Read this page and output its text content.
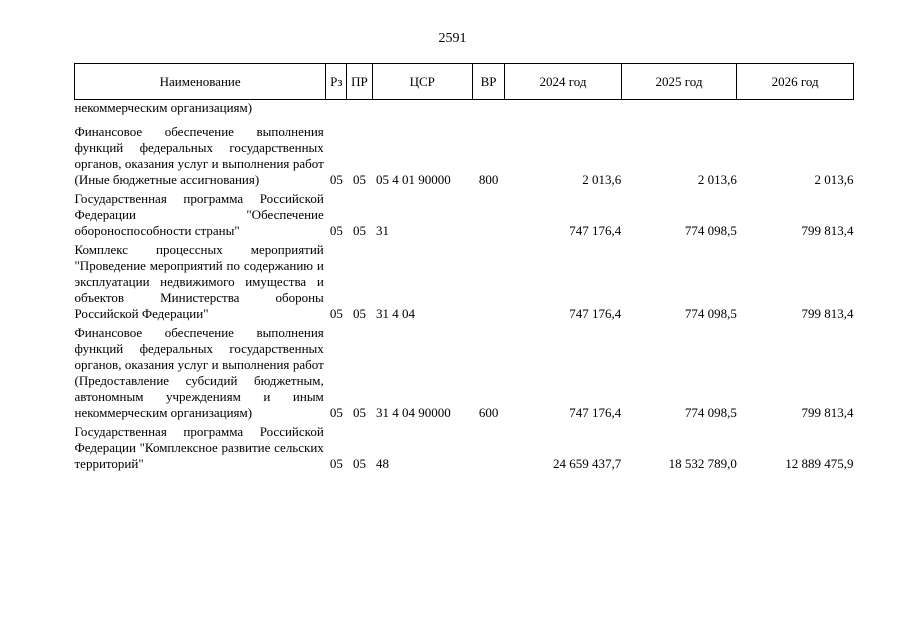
2591
Наименование	Рз	ПР	ЦСР	ВР	2024 год	2025 год	2026 год
некоммерческим организациям)							
Финансовое обеспечение выполнения функций федеральных государственных органов, оказания услуг и выполнения работ (Иные бюджетные ассигнования)	05	05	05 4 01 90000	800	2 013,6	2 013,6	2 013,6
Государственная программа Российской Федерации "Обеспечение обороноспособности страны"	05	05	31		747 176,4	774 098,5	799 813,4
Комплекс процессных мероприятий "Проведение мероприятий по содержанию и эксплуатации недвижимого имущества и объектов Министерства обороны Российской Федерации"	05	05	31 4 04		747 176,4	774 098,5	799 813,4
Финансовое обеспечение выполнения функций федеральных государственных органов, оказания услуг и выполнения работ (Предоставление субсидий бюджетным, автономным учреждениям и иным некоммерческим организациям)	05	05	31 4 04 90000	600	747 176,4	774 098,5	799 813,4
Государственная программа Российской Федерации "Комплексное развитие сельских территорий"	05	05	48		24 659 437,7	18 532 789,0	12 889 475,9
